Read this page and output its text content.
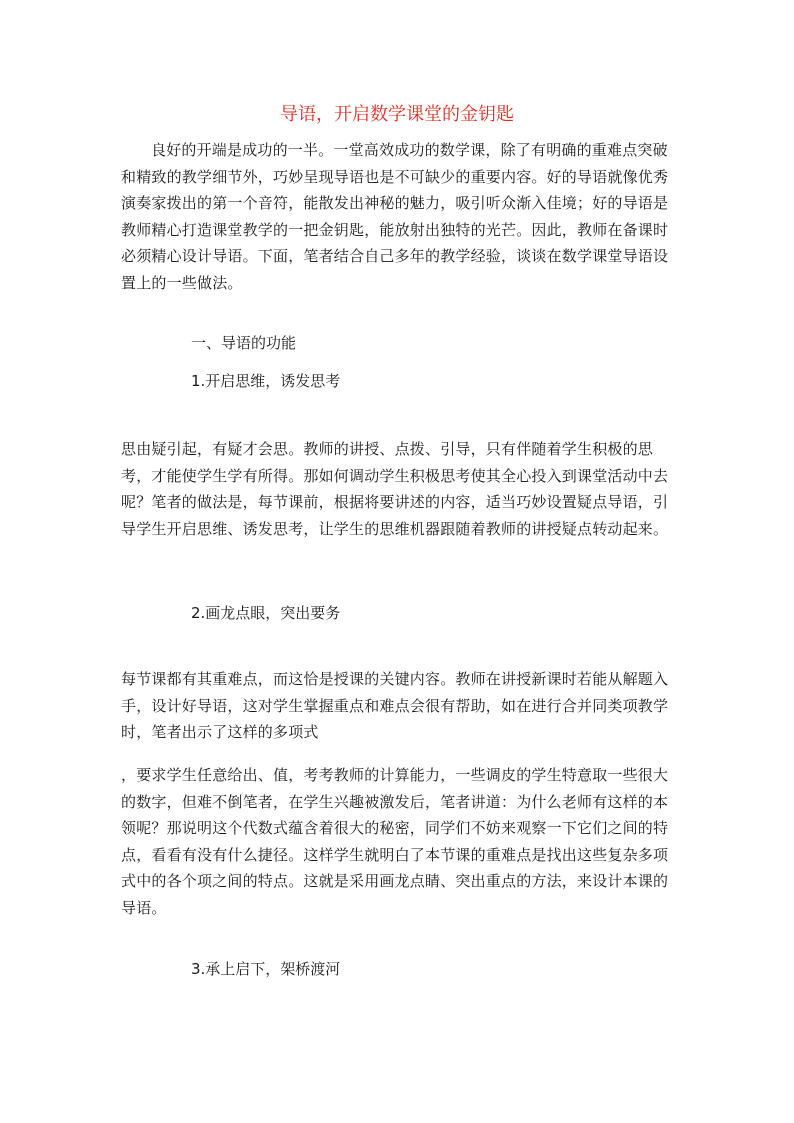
导语，开启数学课堂的金钥匙

良好的开端是成功的一半。一堂高效成功的数学课，除了有明确的重难点突破和精致的教学细节外，巧妙呈现导语也是不可缺少的重要内容。好的导语就像优秀演奏家拨出的第一个音符，能散发出神秘的魅力，吸引听众渐入佳境；好的导语是教师精心打造课堂教学的一把金钥匙，能放射出独特的光芒。因此，教师在备课时必须精心设计导语。下面，笔者结合自己多年的教学经验，谈谈在数学课堂导语设置上的一些做法。

一、导语的功能

1.开启思维，诱发思考

思由疑引起，有疑才会思。教师的讲授、点拨、引导，只有伴随着学生积极的思考，才能使学生学有所得。那如何调动学生积极思考使其全心投入到课堂活动中去呢？笔者的做法是，每节课前，根据将要讲述的内容，适当巧妙设置疑点导语，引导学生开启思维、诱发思考，让学生的思维机器跟随着教师的讲授疑点转动起来。

2.画龙点眼，突出要务

每节课都有其重难点，而这恰是授课的关键内容。教师在讲授新课时若能从解题入手，设计好导语，这对学生掌握重点和难点会很有帮助，如在进行合并同类项教学时，笔者出示了这样的多项式

，要求学生任意给出、值，考考教师的计算能力，一些调皮的学生特意取一些很大的数字，但难不倒笔者，在学生兴趣被激发后，笔者讲道：为什么老师有这样的本领呢？那说明这个代数式蕴含着很大的秘密，同学们不妨来观察一下它们之间的特点，看看有没有什么捷径。这样学生就明白了本节课的重难点是找出这些复杂多项式中的各个项之间的特点。这就是采用画龙点睛、突出重点的方法，来设计本课的导语。

3.承上启下，架桥渡河
